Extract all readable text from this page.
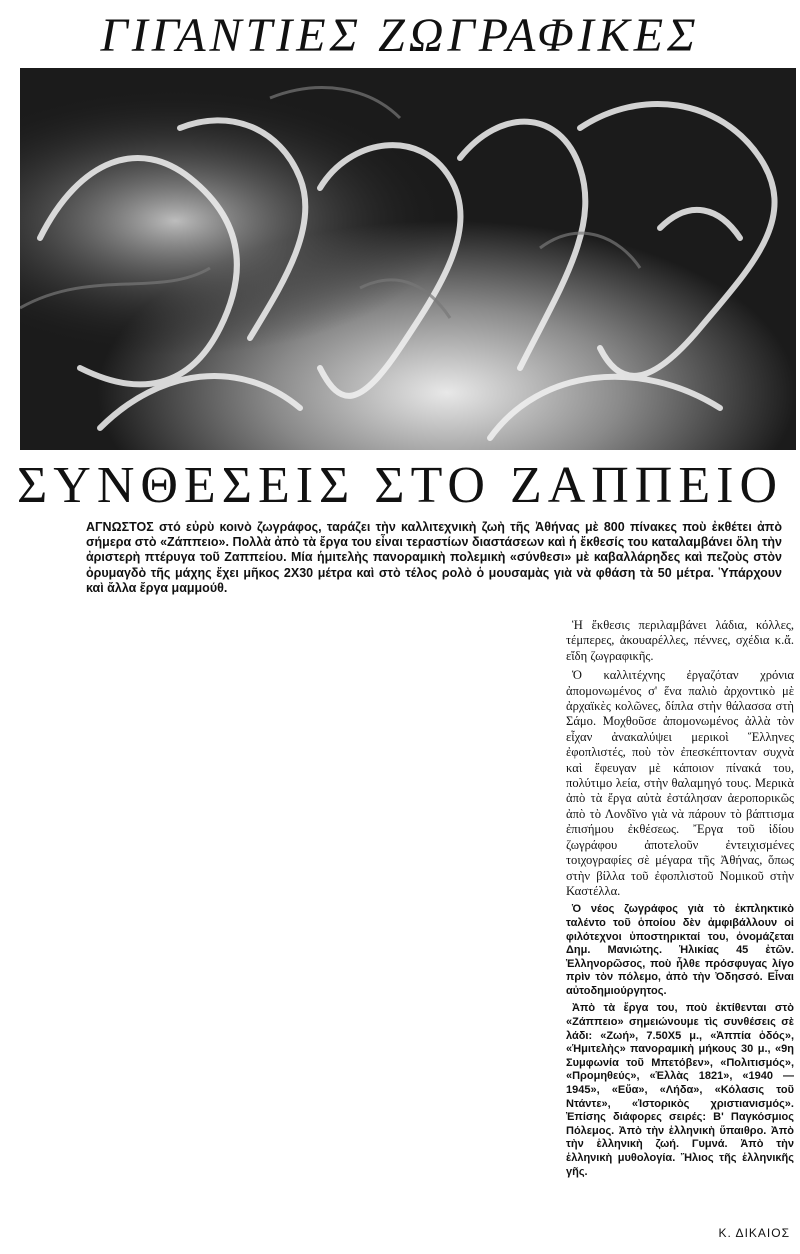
ΓΙΓΑΝΤΙΕΣ ΖΩΓΡΑΦΙΚΕΣ
ΣΥΝΘΕΣΕΙΣ ΣΤΟ ΖΑΠΠΕΙΟ

ΑΓΝΩΣΤΟΣ στό εὐρὺ κοινὸ ζωγράφος, ταράζει τὴν καλλιτεχνικὴ ζωὴ τῆς Ἀθήνας μὲ 800 πίνακες ποὺ ἐκθέτει ἀπὸ σήμερα στὸ «Ζάππειο». Πολλὰ ἀπὸ τὰ ἔργα του εἶναι τεραστίων διαστάσεων καὶ ἡ ἔκθεσίς του καταλαμβάνει ὅλη τὴν ἀριστερὴ πτέρυγα τοῦ Ζαππείου. Μία ἡμιτελὴς πανοραμικὴ πολεμικὴ «σύνθεσι» μὲ καβαλλάρηδες καὶ πεζοὺς στὸν ὀρυμαγδὸ τῆς μάχης ἔχει μῆκος 2Χ30 μέτρα καὶ στὸ τέλος ρολὸ ὁ μουσαμὰς γιὰ νὰ φθάση τὰ 50 μέτρα. Ὑπάρχουν καὶ ἄλλα ἔργα μαμμούθ.

Ἡ ἔκθεσις περιλαμβάνει λάδια, κόλλες, τέμπερες, ἀκουαρέλλες, πέννες, σχέδια κ.ἄ. εἴδη ζωγραφικῆς.

Ὁ καλλιτέχνης ἐργαζόταν χρόνια ἀπομονωμένος σ' ἕνα παλιὸ ἀρχοντικὸ μὲ ἀρχαϊκὲς κολῶνες, δίπλα στὴν θάλασσα στὴ Σάμο. Μοχθοῦσε ἀπομονωμένος ἀλλὰ τὸν εἶχαν ἀνακαλύψει μερικοὶ Ἕλληνες ἐφοπλιστές, ποὺ τὸν ἐπεσκέπτονταν συχνὰ καὶ ἔφευγαν μὲ κάποιον πίνακά του, πολύτιμο λεία, στὴν θαλαμηγό τους. Μερικὰ ἀπὸ τὰ ἔργα αὐτὰ ἐστάλησαν ἀεροπορικῶς ἀπὸ τὸ Λονδῖνο γιὰ νὰ πάρουν τὸ βάπτισμα ἐπισήμου ἐκθέσεως. Ἔργα τοῦ ἰδίου ζωγράφου ἀποτελοῦν ἐντειχισμένες τοιχογραφίες σὲ μέγαρα τῆς Ἀθήνας, ὅπως στὴν βίλλα τοῦ ἐφοπλιστοῦ Νομικοῦ στὴν Καστέλλα.

Ὁ νέος ζωγράφος γιὰ τὸ ἐκπληκτικὸ ταλέντο τοῦ ὁποίου δὲν ἀμφιβάλλουν οἱ φιλότεχνοι ὑποστηρικταί του, ὀνομάζεται Δημ. Μανιώτης. Ἡλικίας 45 ἐτῶν. Ἑλληνορῶσος, ποὺ ἦλθε πρόσφυγας λίγο πρὶν τὸν πόλεμο, ἀπὸ τὴν Ὀδησσό. Εἶναι αὐτοδημιούργητος.

Ἀπὸ τὰ ἔργα του, ποὺ ἐκτίθενται στὸ «Ζάππειο» σημειώνουμε τὶς συνθέσεις σὲ λάδι: «Ζωή», 7.50Χ5 μ., «Ἀππία ὁδός», «Ἡμιτελὴς» πανοραμικὴ μήκους 30 μ., «9η Συμφωνία τοῦ Μπετόβεν», «Πολιτισμός», «Προμηθεύς», «Ἑλλὰς 1821», «1940 — 1945», «Εὔα», «Λήδα», «Κόλασις τοῦ Ντάντε», «Ἱστορικὸς χριστιανισμός». Ἐπίσης διάφορες σειρές: Β' Παγκόσμιος Πόλεμος. Ἀπὸ τὴν ἑλληνικὴ ὕπαιθρο. Ἀπὸ τὴν ἑλληνικὴ ζωή. Γυμνά. Ἀπὸ τὴν ἑλληνικὴ μυθολογία. Ἥλιος τῆς ἑλληνικῆς γῆς.

Κ. ΔΙΚΑΙΟΣ
